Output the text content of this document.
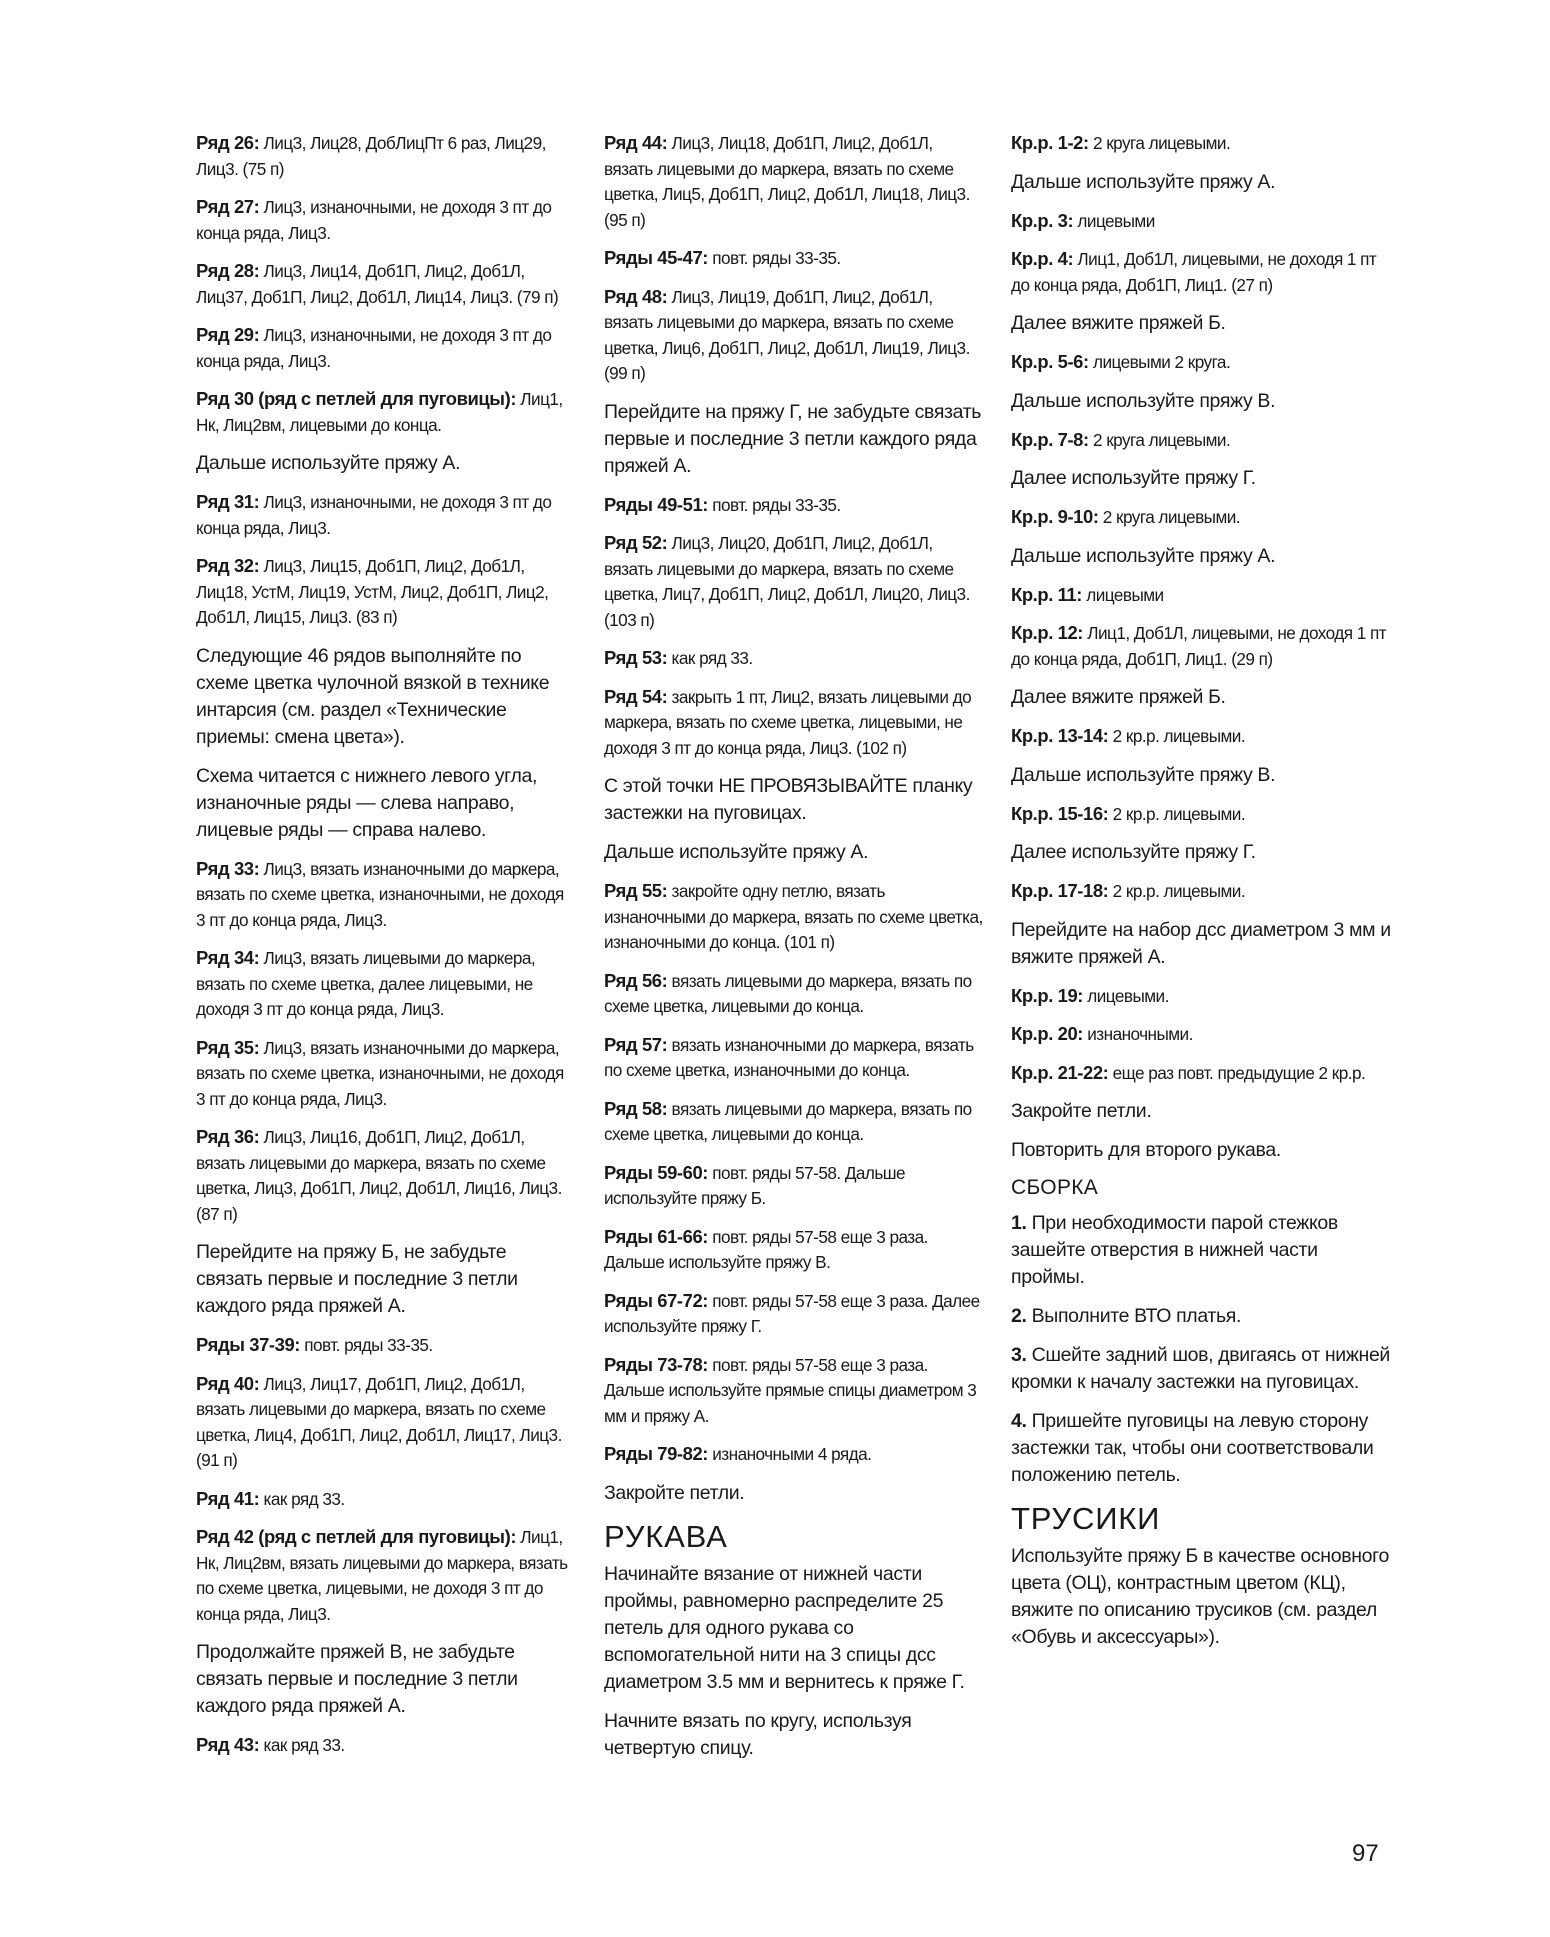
Ряд 26: Лиц3, Лиц28, ДобЛицПт 6 раз, Лиц29, Лиц3. (75 п)
Ряд 27: Лиц3, изнаночными, не доходя 3 пт до конца ряда, Лиц3.
Ряд 28: Лиц3, Лиц14, Доб1П, Лиц2, Доб1Л, Лиц37, Доб1П, Лиц2, Доб1Л, Лиц14, Лиц3. (79 п)
Ряд 29: Лиц3, изнаночными, не доходя 3 пт до конца ряда, Лиц3.
Ряд 30 (ряд с петлей для пуговицы): Лиц1, Нк, Лиц2вм, лицевыми до конца.
Дальше используйте пряжу А.
Ряд 31: Лиц3, изнаночными, не доходя 3 пт до конца ряда, Лиц3.
Ряд 32: Лиц3, Лиц15, Доб1П, Лиц2, Доб1Л, Лиц18, УстМ, Лиц19, УстМ, Лиц2, Доб1П, Лиц2, Доб1Л, Лиц15, Лиц3. (83 п)
Следующие 46 рядов выполняйте по схеме цветка чулочной вязкой в технике интарсия (см. раздел «Технические приемы: смена цвета»).
Схема читается с нижнего левого угла, изнаночные ряды — слева направо, лицевые ряды — справа налево.
Ряд 33: Лиц3, вязать изнаночными до маркера, вязать по схеме цветка, изнаночными, не доходя 3 пт до конца ряда, Лиц3.
Ряд 34: Лиц3, вязать лицевыми до маркера, вязать по схеме цветка, далее лицевыми, не доходя 3 пт до конца ряда, Лиц3.
Ряд 35: Лиц3, вязать изнаночными до маркера, вязать по схеме цветка, изнаночными, не доходя 3 пт до конца ряда, Лиц3.
Ряд 36: Лиц3, Лиц16, Доб1П, Лиц2, Доб1Л, вязать лицевыми до маркера, вязать по схеме цветка, Лиц3, Доб1П, Лиц2, Доб1Л, Лиц16, Лиц3. (87 п)
Перейдите на пряжу Б, не забудьте связать первые и последние 3 петли каждого ряда пряжей А.
Ряды 37-39: повт. ряды 33-35.
Ряд 40: Лиц3, Лиц17, Доб1П, Лиц2, Доб1Л, вязать лицевыми до маркера, вязать по схеме цветка, Лиц4, Доб1П, Лиц2, Доб1Л, Лиц17, Лиц3. (91 п)
Ряд 41: как ряд 33.
Ряд 42 (ряд с петлей для пуговицы): Лиц1, Нк, Лиц2вм, вязать лицевыми до маркера, вязать по схеме цветка, лицевыми, не доходя 3 пт до конца ряда, Лиц3.
Продолжайте пряжей В, не забудьте связать первые и последние 3 петли каждого ряда пряжей А.
Ряд 43: как ряд 33.
Ряд 44: Лиц3, Лиц18, Доб1П, Лиц2, Доб1Л, вязать лицевыми до маркера, вязать по схеме цветка, Лиц5, Доб1П, Лиц2, Доб1Л, Лиц18, Лиц3. (95 п)
Ряды 45-47: повт. ряды 33-35.
Ряд 48: Лиц3, Лиц19, Доб1П, Лиц2, Доб1Л, вязать лицевыми до маркера, вязать по схеме цветка, Лиц6, Доб1П, Лиц2, Доб1Л, Лиц19, Лиц3. (99 п)
Перейдите на пряжу Г, не забудьте связать первые и последние 3 петли каждого ряда пряжей А.
Ряды 49-51: повт. ряды 33-35.
Ряд 52: Лиц3, Лиц20, Доб1П, Лиц2, Доб1Л, вязать лицевыми до маркера, вязать по схеме цветка, Лиц7, Доб1П, Лиц2, Доб1Л, Лиц20, Лиц3. (103 п)
Ряд 53: как ряд 33.
Ряд 54: закрыть 1 пт, Лиц2, вязать лицевыми до маркера, вязать по схеме цветка, лицевыми, не доходя 3 пт до конца ряда, Лиц3. (102 п)
С этой точки НЕ ПРОВЯЗЫВАЙТЕ планку застежки на пуговицах.
Дальше используйте пряжу А.
Ряд 55: закройте одну петлю, вязать изнаночными до маркера, вязать по схеме цветка, изнаночными до конца. (101 п)
Ряд 56: вязать лицевыми до маркера, вязать по схеме цветка, лицевыми до конца.
Ряд 57: вязать изнаночными до маркера, вязать по схеме цветка, изнаночными до конца.
Ряд 58: вязать лицевыми до маркера, вязать по схеме цветка, лицевыми до конца.
Ряды 59-60: повт. ряды 57-58. Дальше используйте пряжу Б.
Ряды 61-66: повт. ряды 57-58 еще 3 раза. Дальше используйте пряжу В.
Ряды 67-72: повт. ряды 57-58 еще 3 раза. Далее используйте пряжу Г.
Ряды 73-78: повт. ряды 57-58 еще 3 раза. Дальше используйте прямые спицы диаметром 3 мм и пряжу А.
Ряды 79-82: изнаночными 4 ряда.
Закройте петли.
РУКАВА
Начинайте вязание от нижней части проймы, равномерно распределите 25 петель для одного рукава со вспомогательной нити на 3 спицы дсс диаметром 3.5 мм и вернитесь к пряже Г.
Начните вязать по кругу, используя четвертую спицу.
Кр.р. 1-2: 2 круга лицевыми.
Дальше используйте пряжу А.
Кр.р. 3: лицевыми
Кр.р. 4: Лиц1, Доб1Л, лицевыми, не доходя 1 пт до конца ряда, Доб1П, Лиц1. (27 п)
Далее вяжите пряжей Б.
Кр.р. 5-6: лицевыми 2 круга.
Дальше используйте пряжу В.
Кр.р. 7-8: 2 круга лицевыми.
Далее используйте пряжу Г.
Кр.р. 9-10: 2 круга лицевыми.
Дальше используйте пряжу А.
Кр.р. 11: лицевыми
Кр.р. 12: Лиц1, Доб1Л, лицевыми, не доходя 1 пт до конца ряда, Доб1П, Лиц1. (29 п)
Далее вяжите пряжей Б.
Кр.р. 13-14: 2 кр.р. лицевыми.
Дальше используйте пряжу В.
Кр.р. 15-16: 2 кр.р. лицевыми.
Далее используйте пряжу Г.
Кр.р. 17-18: 2 кр.р. лицевыми.
Перейдите на набор дсс диаметром 3 мм и вяжите пряжей А.
Кр.р. 19: лицевыми.
Кр.р. 20: изнаночными.
Кр.р. 21-22: еще раз повт. предыдущие 2 кр.р.
Закройте петли.
Повторить для второго рукава.
СБОРКА
1. При необходимости парой стежков зашейте отверстия в нижней части проймы.
2. Выполните ВТО платья.
3. Сшейте задний шов, двигаясь от нижней кромки к началу застежки на пуговицах.
4. Пришейте пуговицы на левую сторону застежки так, чтобы они соответствовали положению петель.
ТРУСИКИ
Используйте пряжу Б в качестве основного цвета (ОЦ), контрастным цветом (КЦ), вяжите по описанию трусиков (см. раздел «Обувь и аксессуары»).
97
